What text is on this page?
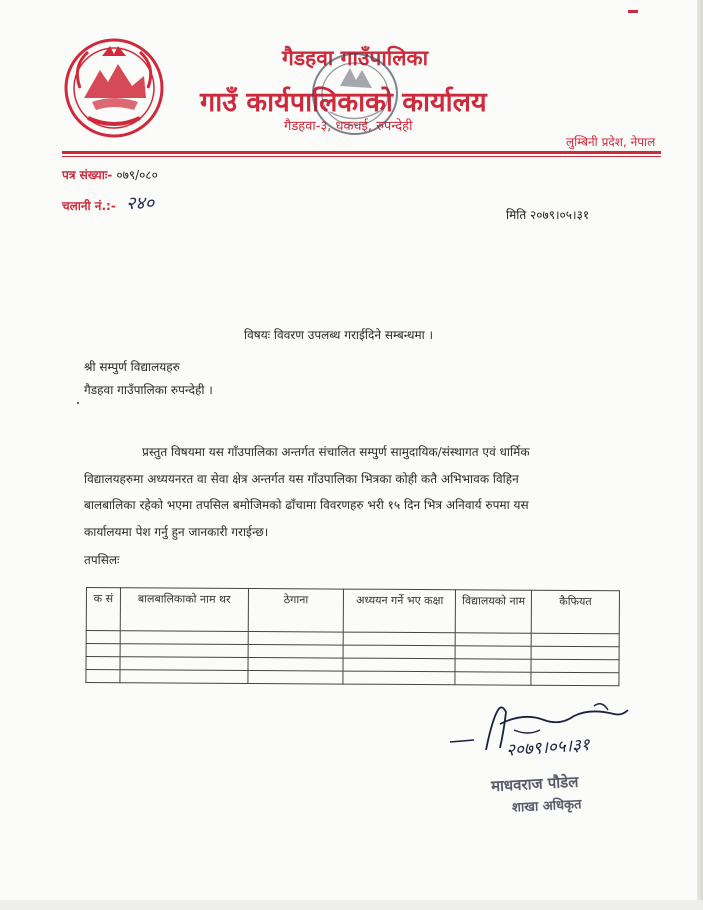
गैडहवा गाउँपालिका
गाउँ कार्यपालिकाको कार्यालय
गैडहवा-३, धकधई, रुपन्देही
लुम्बिनी प्रदेश, नेपाल
पत्र संख्याः- ०७९/०८०
चलानी नं.:- २४०
मिति २०७९।०५।३१
विषयः विवरण उपलब्ध गराईदिने सम्बन्धमा ।
श्री सम्पुर्ण विद्यालयहरु
गैडहवा गाउँपालिका रुपन्देही ।
प्रस्तुत विषयमा यस गाँउपालिका अन्तर्गत संचालित सम्पुर्ण सामुदायिक/संस्थागत एवं धार्मिक
विद्यालयहरुमा अध्ययनरत वा सेवा क्षेत्र अन्तर्गत यस गाँउपालिका भित्रका कोही कतै अभिभावक विहिन
बालबालिका रहेको भएमा तपसिल बमोजिमको ढाँचामा विवरणहरु भरी १५ दिन भित्र अनिवार्य रुपमा यस
कार्यालयमा पेश गर्नु हुन जानकारी गराईन्छ।
तपसिलः
क सं	बालबालिकाको नाम थर	ठेगाना	अध्ययन गर्ने भए कक्षा	विद्यालयको नाम	कैफियत

२०७९।०५।३१
माधवराज पौडेल
शाखा अधिकृत
